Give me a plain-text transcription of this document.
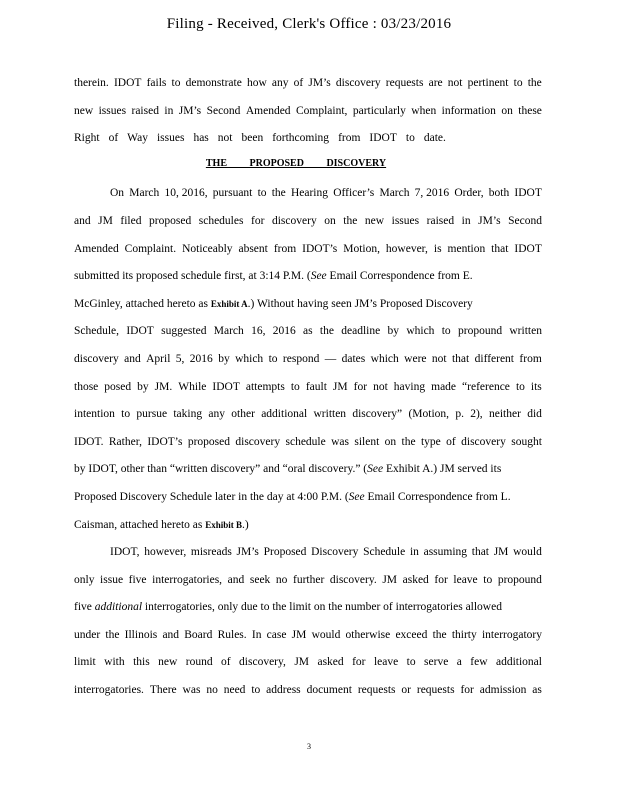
Filing - Received, Clerk's Office : 03/23/2016
therein. IDOT fails to demonstrate how any of JM’s discovery requests are not pertinent to the
new issues raised in JM’s Second Amended Complaint, particularly when information on these
Right of Way issues has not been forthcoming from IDOT to date.
THE PROPOSED DISCOVERY
On March 10, 2016, pursuant to the Hearing Officer’s March 7, 2016 Order, both IDOT
and JM filed proposed schedules for discovery on the new issues raised in JM’s Second
Amended Complaint. Noticeably absent from IDOT’s Motion, however, is mention that IDOT
submitted its proposed schedule first, at 3:14 P.M. (See Email Correspondence from E.
McGinley, attached hereto as Exhibit A.) Without having seen JM’s Proposed Discovery
Schedule, IDOT suggested March 16, 2016 as the deadline by which to propound written
discovery and April 5, 2016 by which to respond — dates which were not that different from
those posed by JM. While IDOT attempts to fault JM for not having made “reference to its
intention to pursue taking any other additional written discovery” (Motion, p. 2), neither did
IDOT. Rather, IDOT’s proposed discovery schedule was silent on the type of discovery sought
by IDOT, other than “written discovery” and “oral discovery.” (See Exhibit A.) JM served its
Proposed Discovery Schedule later in the day at 4:00 P.M. (See Email Correspondence from L.
Caisman, attached hereto as Exhibit B.)
IDOT, however, misreads JM’s Proposed Discovery Schedule in assuming that JM would
only issue five interrogatories, and seek no further discovery. JM asked for leave to propound
five additional interrogatories, only due to the limit on the number of interrogatories allowed
under the Illinois and Board Rules. In case JM would otherwise exceed the thirty interrogatory
limit with this new round of discovery, JM asked for leave to serve a few additional
interrogatories. There was no need to address document requests or requests for admission as
3
